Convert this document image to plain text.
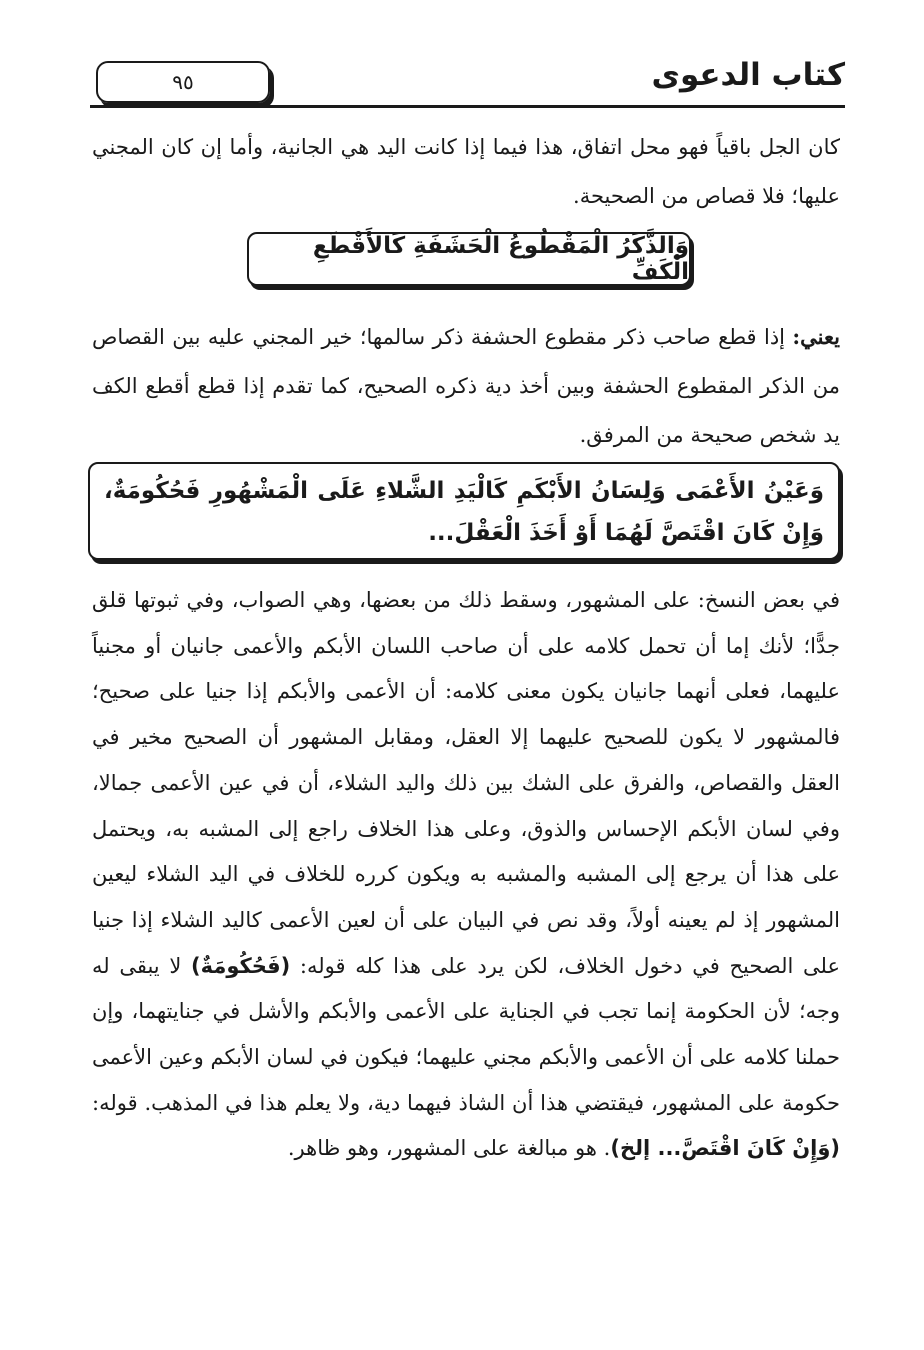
٩٥	كتاب الدعوى
كان الجل باقياً فهو محل اتفاق، هذا فيما إذا كانت اليد هي الجانية، وأما إن كان المجني عليها؛ فلا قصاص من الصحيحة.
وَالذَّكَرُ الْمَقْطُوعُ الْحَشَفَةِ كَالأَقْطَعِ الْكَفِّ
يعني: إذا قطع صاحب ذكر مقطوع الحشفة ذكر سالمها؛ خير المجني عليه بين القصاص من الذكر المقطوع الحشفة وبين أخذ دية ذكره الصحيح، كما تقدم إذا قطع أقطع الكف يد شخص صحيحة من المرفق.
وَعَيْنُ الأَعْمَى وَلِسَانُ الأَبْكَمِ كَالْيَدِ الشَّلاءِ عَلَى الْمَشْهُورِ فَحُكُومَةٌ، وَإِنْ كَانَ اقْتَصَّ لَهُمَا أَوْ أَخَذَ الْعَقْلَ...
في بعض النسخ: على المشهور، وسقط ذلك من بعضها، وهي الصواب، وفي ثبوتها قلق جدًّا؛ لأنك إما أن تحمل كلامه على أن صاحب اللسان الأبكم والأعمى جانيان أو مجنياً عليهما، فعلى أنهما جانيان يكون معنى كلامه: أن الأعمى والأبكم إذا جنيا على صحيح؛ فالمشهور لا يكون للصحيح عليهما إلا العقل، ومقابل المشهور أن الصحيح مخير في العقل والقصاص، والفرق على الشك بين ذلك واليد الشلاء، أن في عين الأعمى جمالا، وفي لسان الأبكم الإحساس والذوق، وعلى هذا الخلاف راجع إلى المشبه به، ويحتمل على هذا أن يرجع إلى المشبه والمشبه به ويكون كرره للخلاف في اليد الشلاء ليعين المشهور إذ لم يعينه أولاً، وقد نص في البيان على أن لعين الأعمى كاليد الشلاء إذا جنيا على الصحيح في دخول الخلاف، لكن يرد على هذا كله قوله: (فَحُكُومَةٌ) لا يبقى له وجه؛ لأن الحكومة إنما تجب في الجناية على الأعمى والأبكم والأشل في جنايتهما، وإن حملنا كلامه على أن الأعمى والأبكم مجني عليهما؛ فيكون في لسان الأبكم وعين الأعمى حكومة على المشهور، فيقتضي هذا أن الشاذ فيهما دية، ولا يعلم هذا في المذهب. قوله: (وَإِنْ كَانَ اقْتَصَّ... إلخ). هو مبالغة على المشهور، وهو ظاهر.
